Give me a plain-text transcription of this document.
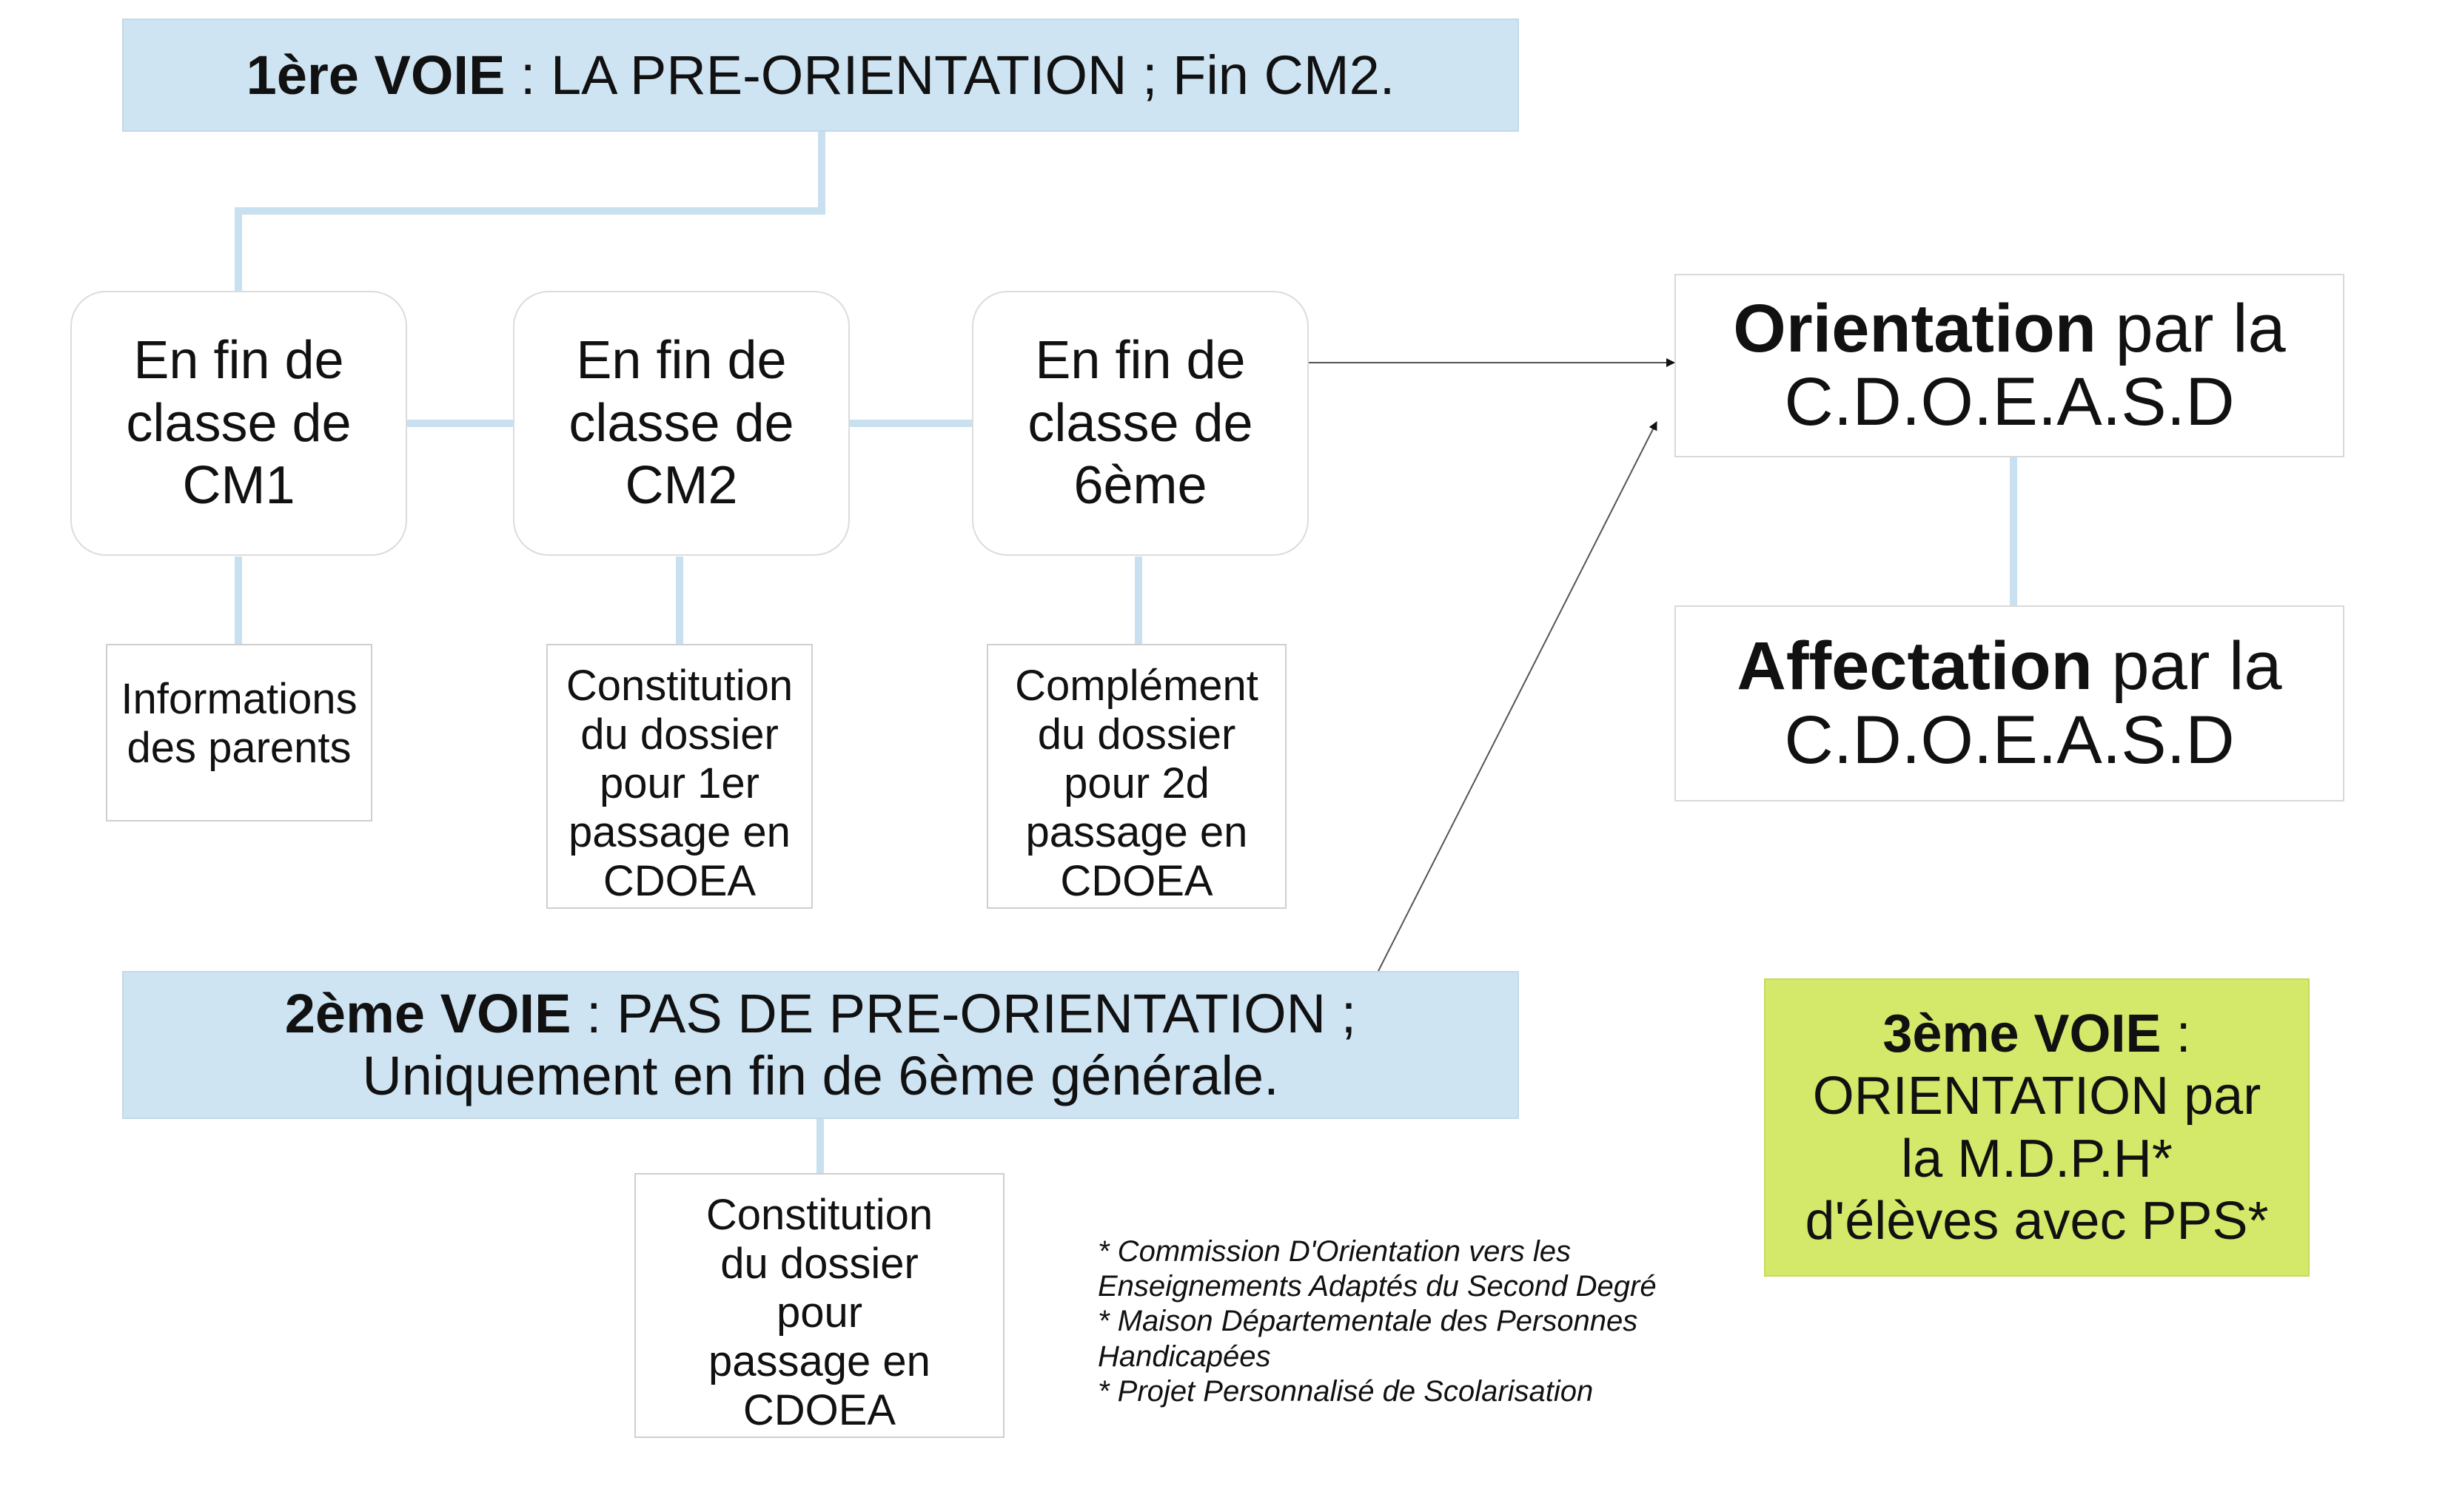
1ère VOIE : LA PRE-ORIENTATION ; Fin CM2.
En fin de
classe de
CM1
En fin de
classe de
CM2
En fin de
classe de
6ème
Informations
des parents
Constitution
du dossier
pour 1er
passage en
CDOEA
Complément
du dossier
pour 2d
passage en
CDOEA
Orientation par la
C.D.O.E.A.S.D
Affectation par la
C.D.O.E.A.S.D
2ème VOIE : PAS DE PRE-ORIENTATION ;
Uniquement en fin de 6ème générale.
Constitution
du dossier
pour
passage en
CDOEA
* Commission D'Orientation vers les
Enseignements Adaptés du Second Degré
* Maison Départementale des Personnes
Handicapées
* Projet Personnalisé de Scolarisation
3ème VOIE :
ORIENTATION par
la M.D.P.H*
d'élèves avec PPS*
